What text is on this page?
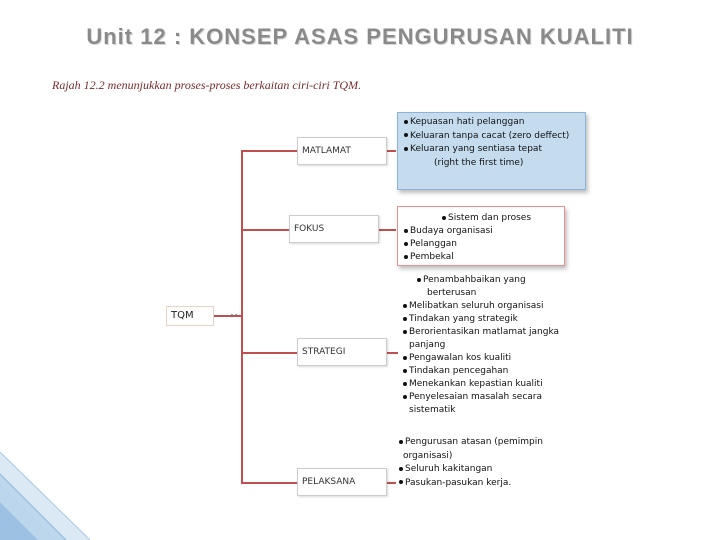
Unit 12 : KONSEP ASAS PENGURUSAN KUALITI
Rajah 12.2 menunjukkan proses-proses berkaitan ciri-ciri TQM.
TQM
MATLAMAT
FOKUS
STRATEGI
PELAKSANA
Kepuasan hati pelanggan
Keluaran tanpa cacat (zero deffect)
Keluaran yang sentiasa tepat
(right the first time)
Sistem dan proses
Budaya organisasi
Pelanggan
Pembekal
Penambahbaikan yang
berterusan
Melibatkan seluruh organisasi
Tindakan yang strategik
Berorientasikan matlamat jangka
panjang
Pengawalan kos kualiti
Tindakan pencegahan
Menekankan kepastian kualiti
Penyelesaian masalah secara
sistematik
Pengurusan atasan (pemimpin
organisasi)
Seluruh kakitangan
Pasukan-pasukan kerja.
